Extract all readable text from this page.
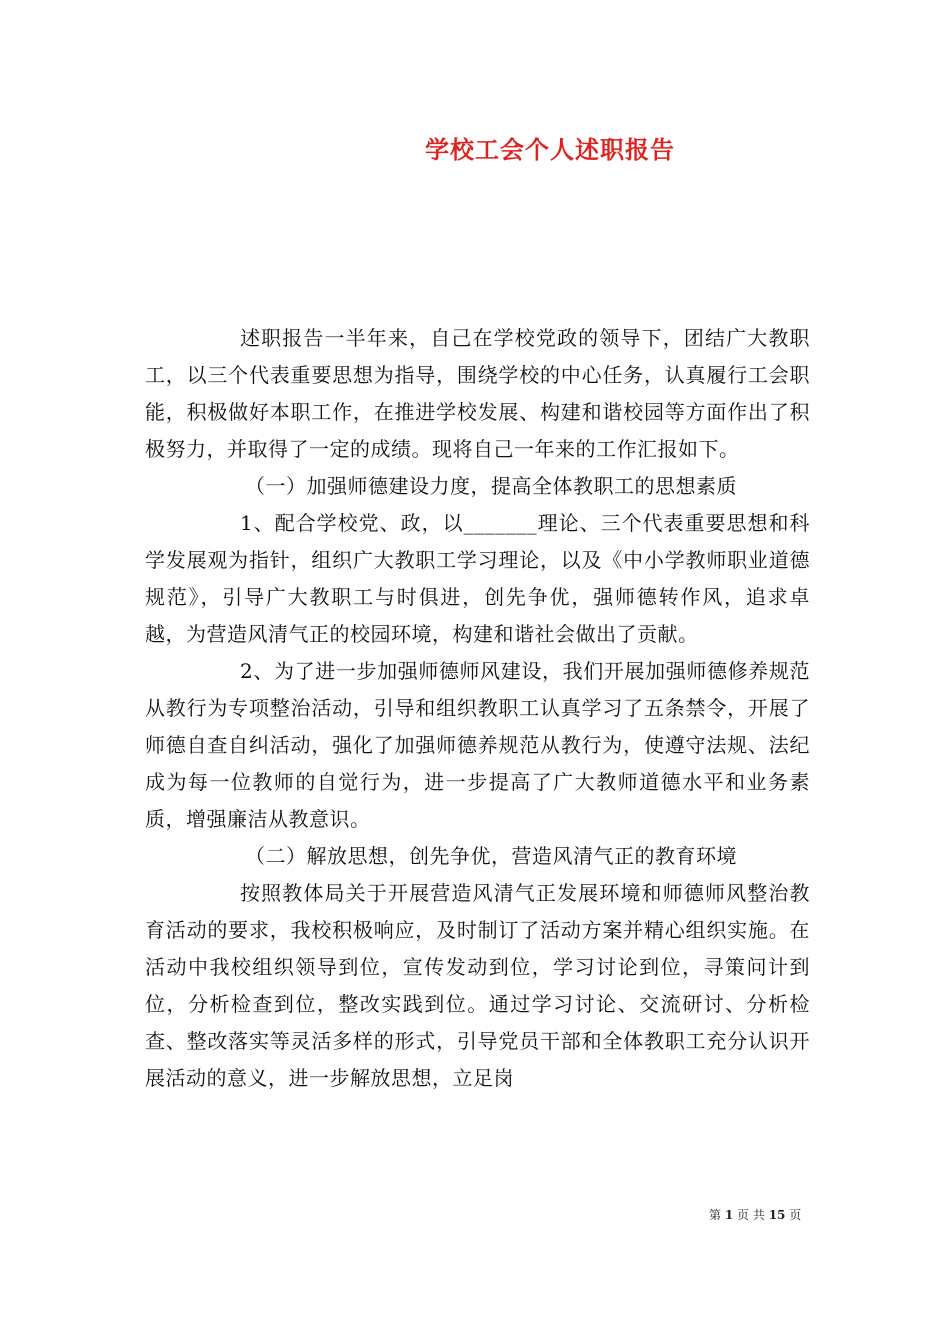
学校工会个人述职报告

述职报告一半年来，自己在学校党政的领导下，团结广大教职工，以三个代表重要思想为指导，围绕学校的中心任务，认真履行工会职能，积极做好本职工作，在推进学校发展、构建和谐校园等方面作出了积极努力，并取得了一定的成绩。现将自己一年来的工作汇报如下。

（一）加强师德建设力度，提高全体教职工的思想素质

1、配合学校党、政，以_______理论、三个代表重要思想和科学发展观为指针，组织广大教职工学习理论，以及《中小学教师职业道德规范》，引导广大教职工与时俱进，创先争优，强师德转作风，追求卓越，为营造风清气正的校园环境，构建和谐社会做出了贡献。

2、为了进一步加强师德师风建设，我们开展加强师德修养规范从教行为专项整治活动，引导和组织教职工认真学习了五条禁令，开展了师德自查自纠活动，强化了加强师德养规范从教行为，使遵守法规、法纪成为每一位教师的自觉行为，进一步提高了广大教师道德水平和业务素质，增强廉洁从教意识。

（二）解放思想，创先争优，营造风清气正的教育环境

按照教体局关于开展营造风清气正发展环境和师德师风整治教育活动的要求，我校积极响应，及时制订了活动方案并精心组织实施。在活动中我校组织领导到位，宣传发动到位，学习讨论到位，寻策问计到位，分析检查到位，整改实践到位。通过学习讨论、交流研讨、分析检查、整改落实等灵活多样的形式，引导党员干部和全体教职工充分认识开展活动的意义，进一步解放思想，立足岗

第 1 页 共 15 页
